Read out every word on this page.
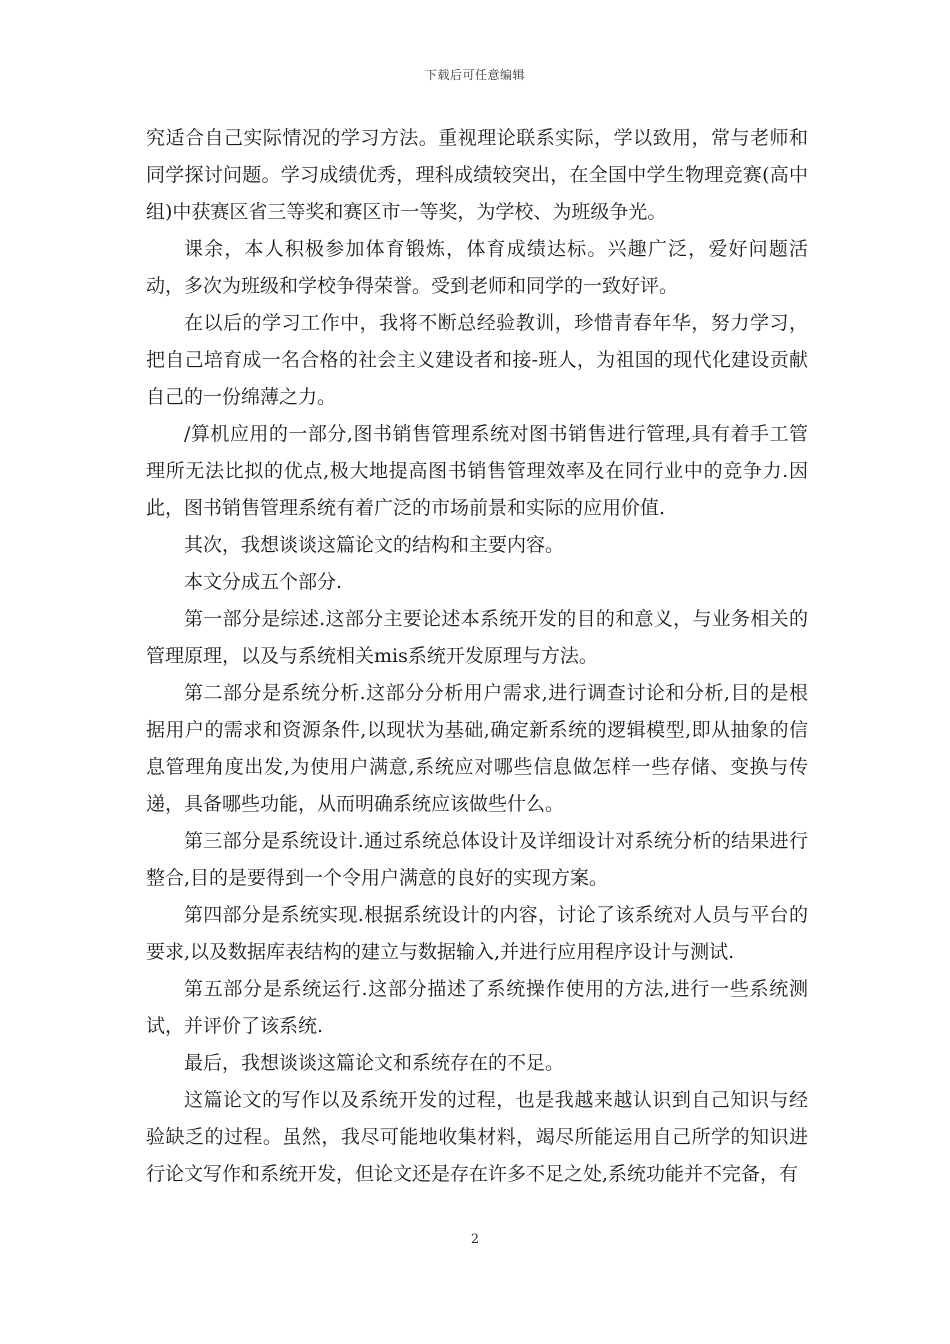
下载后可任意编辑

究适合自己实际情况的学习方法。重视理论联系实际，学以致用，常与老师和同学探讨问题。学习成绩优秀，理科成绩较突出，在全国中学生物理竞赛(高中组)中获赛区省三等奖和赛区市一等奖，为学校、为班级争光。

课余，本人积极参加体育锻炼，体育成绩达标。兴趣广泛，爱好问题活动，多次为班级和学校争得荣誉。受到老师和同学的一致好评。

在以后的学习工作中，我将不断总经验教训，珍惜青春年华，努力学习，把自己培育成一名合格的社会主义建设者和接-班人，为祖国的现代化建设贡献自己的一份绵薄之力。

/算机应用的一部分,图书销售管理系统对图书销售进行管理,具有着手工管理所无法比拟的优点,极大地提高图书销售管理效率及在同行业中的竞争力.因此，图书销售管理系统有着广泛的市场前景和实际的应用价值.

其次，我想谈谈这篇论文的结构和主要内容。

本文分成五个部分.

第一部分是综述.这部分主要论述本系统开发的目的和意义，与业务相关的管理原理，以及与系统相关mis系统开发原理与方法。

第二部分是系统分析.这部分分析用户需求,进行调查讨论和分析,目的是根据用户的需求和资源条件,以现状为基础,确定新系统的逻辑模型,即从抽象的信息管理角度出发,为使用户满意,系统应对哪些信息做怎样一些存储、变换与传递，具备哪些功能，从而明确系统应该做些什么。

第三部分是系统设计.通过系统总体设计及详细设计对系统分析的结果进行整合,目的是要得到一个令用户满意的良好的实现方案。

第四部分是系统实现.根据系统设计的内容，讨论了该系统对人员与平台的要求,以及数据库表结构的建立与数据输入,并进行应用程序设计与测试.

第五部分是系统运行.这部分描述了系统操作使用的方法,进行一些系统测试，并评价了该系统.

最后，我想谈谈这篇论文和系统存在的不足。

这篇论文的写作以及系统开发的过程，也是我越来越认识到自己知识与经验缺乏的过程。虽然，我尽可能地收集材料，竭尽所能运用自己所学的知识进行论文写作和系统开发，但论文还是存在许多不足之处,系统功能并不完备，有

2
